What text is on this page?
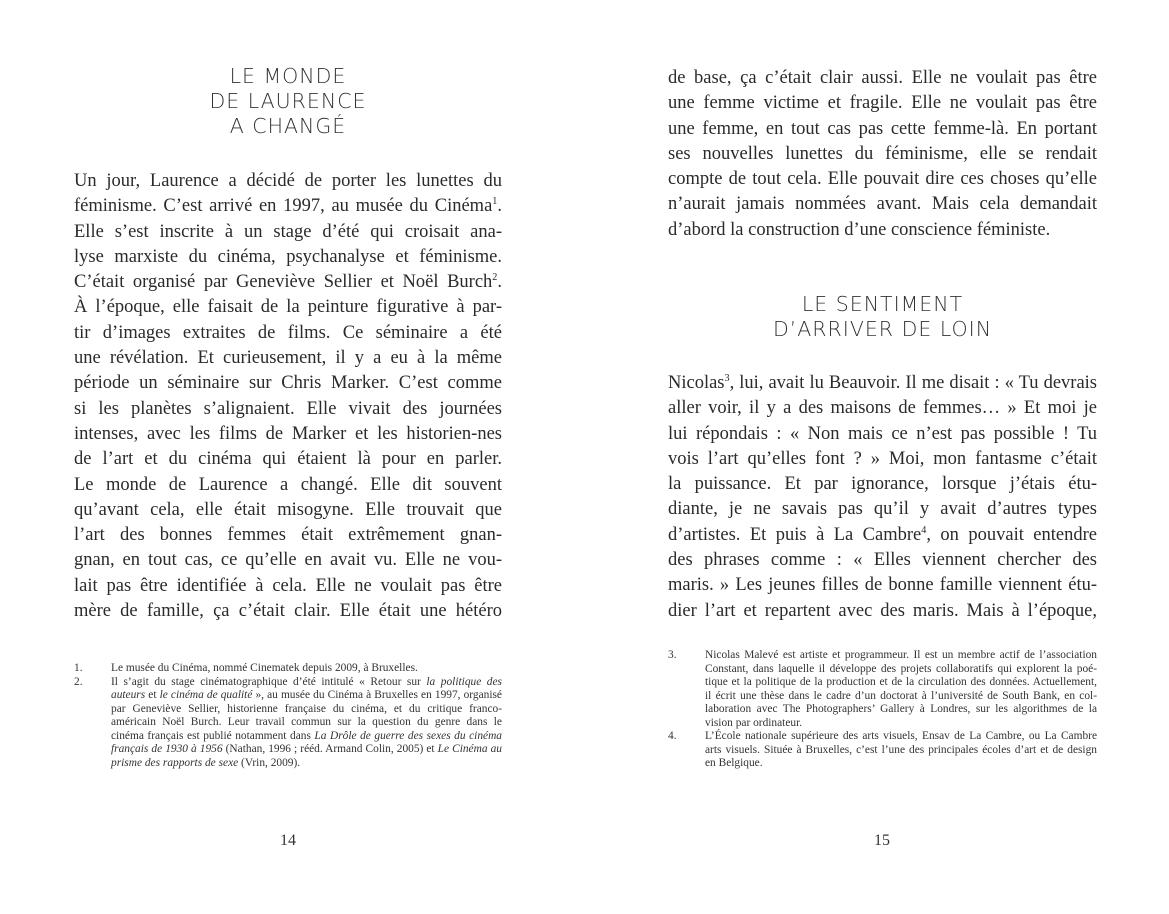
LE MONDE
DE LAURENCE
A CHANGÉ
Un jour, Laurence a décidé de porter les lunettes du
féminisme. C’est arrivé en 1997, au musée du Cinéma$^1$.
Elle s’est inscrite à un stage d’été qui croisait ana-
lyse marxiste du cinéma, psychanalyse et féminisme.
C’était organisé par Geneviève Sellier et Noël Burch$^2$.
À l’époque, elle faisait de la peinture figurative à par-
tir d’images extraites de films. Ce séminaire a été
une révélation. Et curieusement, il y a eu à la même
période un séminaire sur Chris Marker. C’est comme
si les planètes s’alignaient. Elle vivait des journées
intenses, avec les films de Marker et les historien-nes
de l’art et du cinéma qui étaient là pour en parler.
Le monde de Laurence a changé. Elle dit souvent
qu’avant cela, elle était misogyne. Elle trouvait que
l’art des bonnes femmes était extrêmement gnan-
gnan, en tout cas, ce qu’elle en avait vu. Elle ne vou-
lait pas être identifiée à cela. Elle ne voulait pas être
mère de famille, ça c’était clair. Elle était une hétéro
1.	Le musée du Cinéma, nommé Cinematek depuis 2009, à Bruxelles.
2.	Il s’agit du stage cinématographique d’été intitulé « Retour sur la politique des
auteurs et le cinéma de qualité », au musée du Cinéma à Bruxelles en 1997, organisé
par Geneviève Sellier, historienne française du cinéma, et du critique franco-
américain Noël Burch. Leur travail commun sur la question du genre dans le
cinéma français est publié notamment dans La Drôle de guerre des sexes du cinéma
français de 1930 à 1956 (Nathan, 1996 ; rééd. Armand Colin, 2005) et Le Cinéma au
prisme des rapports de sexe (Vrin, 2009).
14
de base, ça c’était clair aussi. Elle ne voulait pas être
une femme victime et fragile. Elle ne voulait pas être
une femme, en tout cas pas cette femme-là. En portant
ses nouvelles lunettes du féminisme, elle se rendait
compte de tout cela. Elle pouvait dire ces choses qu’elle
n’aurait jamais nommées avant. Mais cela demandait
d’abord la construction d’une conscience féministe.
LE SENTIMENT
D’ARRIVER DE LOIN
Nicolas$^3$, lui, avait lu Beauvoir. Il me disait : « Tu devrais
aller voir, il y a des maisons de femmes… » Et moi je
lui répondais : « Non mais ce n’est pas possible ! Tu
vois l’art qu’elles font ? » Moi, mon fantasme c’était
la puissance. Et par ignorance, lorsque j’étais étu-
diante, je ne savais pas qu’il y avait d’autres types
d’artistes. Et puis à La Cambre$^4$, on pouvait entendre
des phrases comme : « Elles viennent chercher des
maris. » Les jeunes filles de bonne famille viennent étu-
dier l’art et repartent avec des maris. Mais à l’époque,
3.	Nicolas Malevé est artiste et programmeur. Il est un membre actif de l’association
Constant, dans laquelle il développe des projets collaboratifs qui explorent la poé-
tique et la politique de la production et de la circulation des données. Actuellement,
il écrit une thèse dans le cadre d’un doctorat à l’université de South Bank, en col-
laboration avec The Photographers’ Gallery à Londres, sur les algorithmes de la
vision par ordinateur.
4.	L’École nationale supérieure des arts visuels, Ensav de La Cambre, ou La Cambre
arts visuels. Située à Bruxelles, c’est l’une des principales écoles d’art et de design
en Belgique.
15
